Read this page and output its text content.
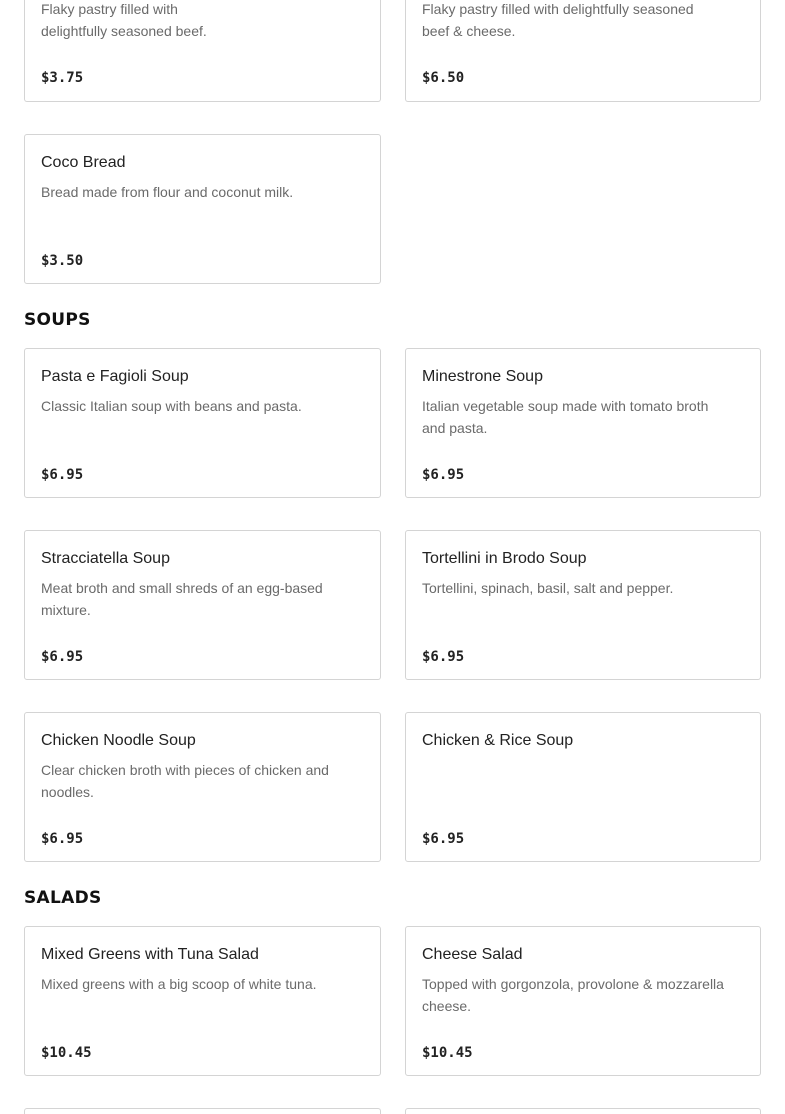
Flaky pastry filled with delightfully seasoned beef.
$3.75
Flaky pastry filled with delightfully seasoned beef & cheese.
$6.50
Coco Bread
Bread made from flour and coconut milk.
$3.50
SOUPS
Pasta e Fagioli Soup
Classic Italian soup with beans and pasta.
$6.95
Minestrone Soup
Italian vegetable soup made with tomato broth and pasta.
$6.95
Stracciatella Soup
Meat broth and small shreds of an egg-based mixture.
$6.95
Tortellini in Brodo Soup
Tortellini, spinach, basil, salt and pepper.
$6.95
Chicken Noodle Soup
Clear chicken broth with pieces of chicken and noodles.
$6.95
Chicken & Rice Soup
$6.95
SALADS
Mixed Greens with Tuna Salad
Mixed greens with a big scoop of white tuna.
$10.45
Cheese Salad
Topped with gorgonzola, provolone & mozzarella cheese.
$10.45
